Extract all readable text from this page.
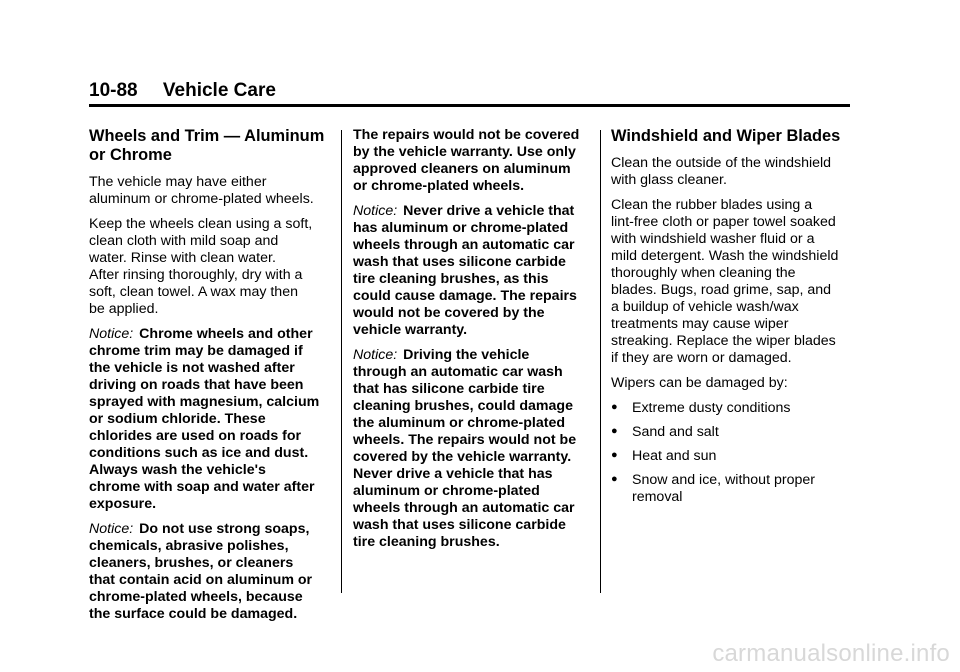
10-88 Vehicle Care
Wheels and Trim — Aluminum
or Chrome

The vehicle may have either
aluminum or chrome-plated wheels.

Keep the wheels clean using a soft,
clean cloth with mild soap and
water. Rinse with clean water.
After rinsing thoroughly, dry with a
soft, clean towel. A wax may then
be applied.

Notice: Chrome wheels and other
chrome trim may be damaged if
the vehicle is not washed after
driving on roads that have been
sprayed with magnesium, calcium
or sodium chloride. These
chlorides are used on roads for
conditions such as ice and dust.
Always wash the vehicle's
chrome with soap and water after
exposure.

Notice: Do not use strong soaps,
chemicals, abrasive polishes,
cleaners, brushes, or cleaners
that contain acid on aluminum or
chrome-plated wheels, because
the surface could be damaged.

The repairs would not be covered
by the vehicle warranty. Use only
approved cleaners on aluminum
or chrome-plated wheels.

Notice: Never drive a vehicle that
has aluminum or chrome-plated
wheels through an automatic car
wash that uses silicone carbide
tire cleaning brushes, as this
could cause damage. The repairs
would not be covered by the
vehicle warranty.

Notice: Driving the vehicle
through an automatic car wash
that has silicone carbide tire
cleaning brushes, could damage
the aluminum or chrome-plated
wheels. The repairs would not be
covered by the vehicle warranty.
Never drive a vehicle that has
aluminum or chrome-plated
wheels through an automatic car
wash that uses silicone carbide
tire cleaning brushes.

Windshield and Wiper Blades

Clean the outside of the windshield
with glass cleaner.

Clean the rubber blades using a
lint-free cloth or paper towel soaked
with windshield washer fluid or a
mild detergent. Wash the windshield
thoroughly when cleaning the
blades. Bugs, road grime, sap, and
a buildup of vehicle wash/wax
treatments may cause wiper
streaking. Replace the wiper blades
if they are worn or damaged.

Wipers can be damaged by:

● Extreme dusty conditions
● Sand and salt
● Heat and sun
● Snow and ice, without proper
removal
carmanualsonline.info
